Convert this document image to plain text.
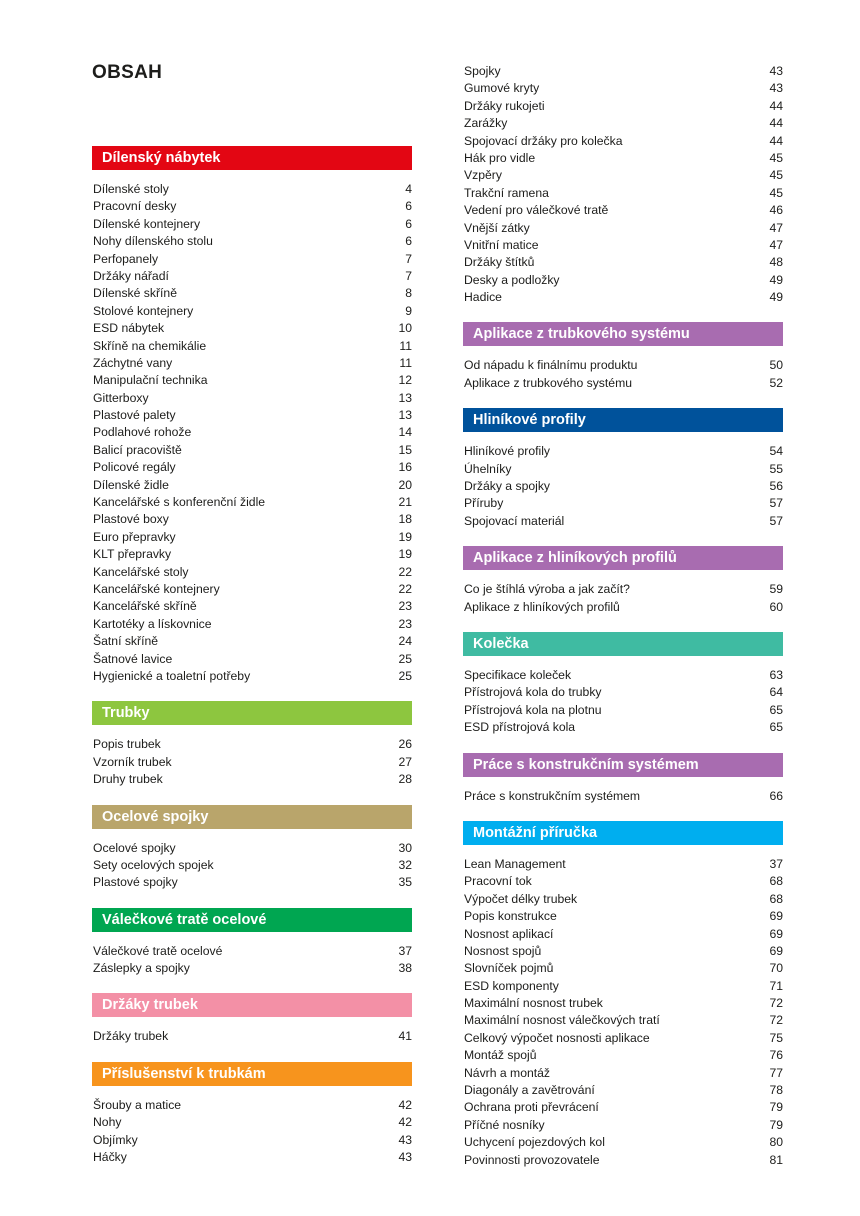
OBSAH
Dílenský nábytek
Dílenské stoly	4
Pracovní desky	6
Dílenské kontejnery	6
Nohy dílenského stolu	6
Perfopanely	7
Držáky nářadí	7
Dílenské skříně	8
Stolové kontejnery	9
ESD nábytek	10
Skříně na chemikálie	11
Záchytné vany	11
Manipulační technika	12
Gitterboxy	13
Plastové palety	13
Podlahové rohože	14
Balicí pracoviště	15
Policové regály	16
Dílenské židle	20
Kancelářské s konferenční židle	21
Plastové boxy	18
Euro přepravky	19
KLT přepravky	19
Kancelářské stoly	22
Kancelářské kontejnery	22
Kancelářské skříně	23
Kartotéky a lískovnice	23
Šatní skříně	24
Šatnové lavice	25
Hygienické a toaletní potřeby	25
Trubky
Popis trubek	26
Vzorník trubek	27
Druhy trubek	28
Ocelové spojky
Ocelové spojky	30
Sety ocelových spojek	32
Plastové spojky	35
Válečkové tratě ocelové
Válečkové tratě ocelové	37
Záslepky a spojky	38
Držáky trubek
Držáky trubek	41
Příslušenství k trubkám
Šrouby a matice	42
Nohy	42
Objímky	43
Háčky	43
Spojky	43
Gumové kryty	43
Držáky rukojeti	44
Zarážky	44
Spojovací držáky pro kolečka	44
Hák pro vidle	45
Vzpěry	45
Trakční ramena	45
Vedení pro válečkové tratě	46
Vnější zátky	47
Vnitřní matice	47
Držáky štítků	48
Desky a podložky	49
Hadice	49
Aplikace z trubkového systému
Od nápadu k finálnímu produktu	50
Aplikace z trubkového systému	52
Hliníkové profily
Hliníkové profily	54
Úhelníky	55
Držáky a spojky	56
Příruby	57
Spojovací materiál	57
Aplikace z hliníkových profilů
Co je štíhlá výroba a jak začít?	59
Aplikace z hliníkových profilů	60
Kolečka
Specifikace koleček	63
Přístrojová kola do trubky	64
Přístrojová kola na plotnu	65
ESD přístrojová kola	65
Práce s konstrukčním systémem
Práce s konstrukčním systémem	66
Montážní příručka
Lean Management	37
Pracovní tok	68
Výpočet délky trubek	68
Popis konstrukce	69
Nosnost aplikací	69
Nosnost spojů	69
Slovníček pojmů	70
ESD komponenty	71
Maximální nosnost trubek	72
Maximální nosnost válečkových tratí	72
Celkový výpočet nosnosti aplikace	75
Montáž spojů	76
Návrh a montáž	77
Diagonály a zavětrování	78
Ochrana proti převrácení	79
Příčné nosníky	79
Uchycení pojezdových kol	80
Povinnosti provozovatele	81
